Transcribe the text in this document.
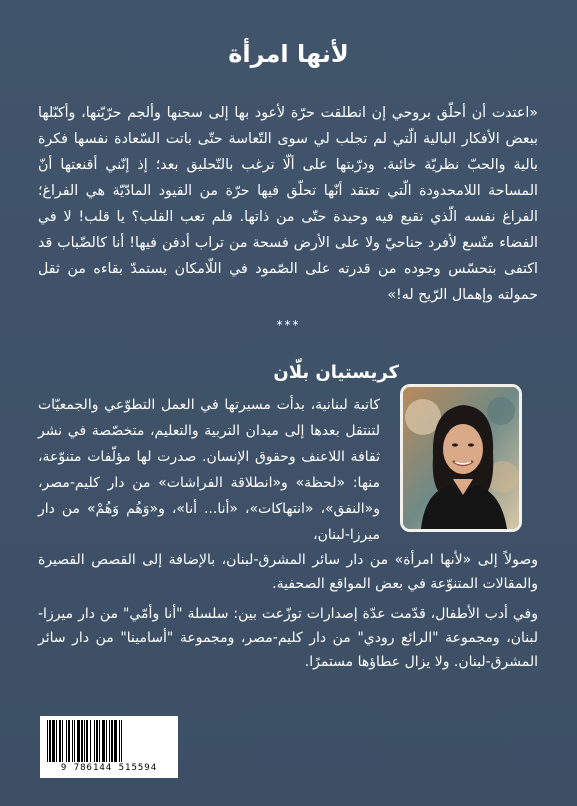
لأنها امرأة
«اعتدت أن أحلّق بروحي إن انطلقت حرّة لأعود بها إلى سجنها وألجم حرّيّتها، وأكبّلها ببعض الأفكار البالية الّتي لم تجلب لي سوى التّعاسة حتّى باتت السّعادة نفسها فكرة بالية والحبّ نظريّة خائبة. ودرّبتها على ألّا ترغب بالتّحليق بعد؛ إذ إنّني أقنعتها أنّ المساحة اللامحدودة الّتي تعتقد أنّها تحلّق فيها حرّة من القيود المادّيّة هي الفراغ؛ الفراغ نفسه الّذي تقبع فيه وحيدة حتّى من ذاتها. فلم تعب القلب؟ يا قلب! لا في الفضاء متّسع لأفرد جناحيّ ولا على الأرض فسحة من تراب أدفن فيها! أنا كالضّباب قد اكتفى بتحسّس وجوده من قدرته على الصّمود في اللّامكان يستمدّ بقاءه من ثقل حمولته وإهمال الرّيح له!»
***
كريستيان بلّان

كاتبة لبنانية، بدأت مسيرتها في العمل التطوّعي والجمعيّات لتنتقل بعدها إلى ميدان التربية والتعليم، متخصّصة في نشر ثقافة اللاعنف وحقوق الإنسان. صدرت لها مؤلّفات متنوّعة، منها: «لحظة» و«انطلاقة الفراشات» من دار كليم-مصر، و«النفق»، «انتهاكات»، «أنا... أنا»، و«وَهُم وَهُمْ» من دار ميرزا-لبنان،

وصولاً إلى «لأنها امرأة» من دار سائر المشرق-لبنان، بالإضافة إلى القصص القصيرة والمقالات المتنوّعة في بعض المواقع الصحفية.

وفي أدب الأطفال، قدّمت عدّة إصدارات توزّعت بين: سلسلة "أنا وأمّي" من دار ميرزا-لبنان، ومجموعة "الرائع رودي" من دار كليم-مصر، ومجموعة "أسامينا" من دار سائر المشرق-لبنان. ولا يزال عطاؤها مستمرًا.

9 786144 515594
